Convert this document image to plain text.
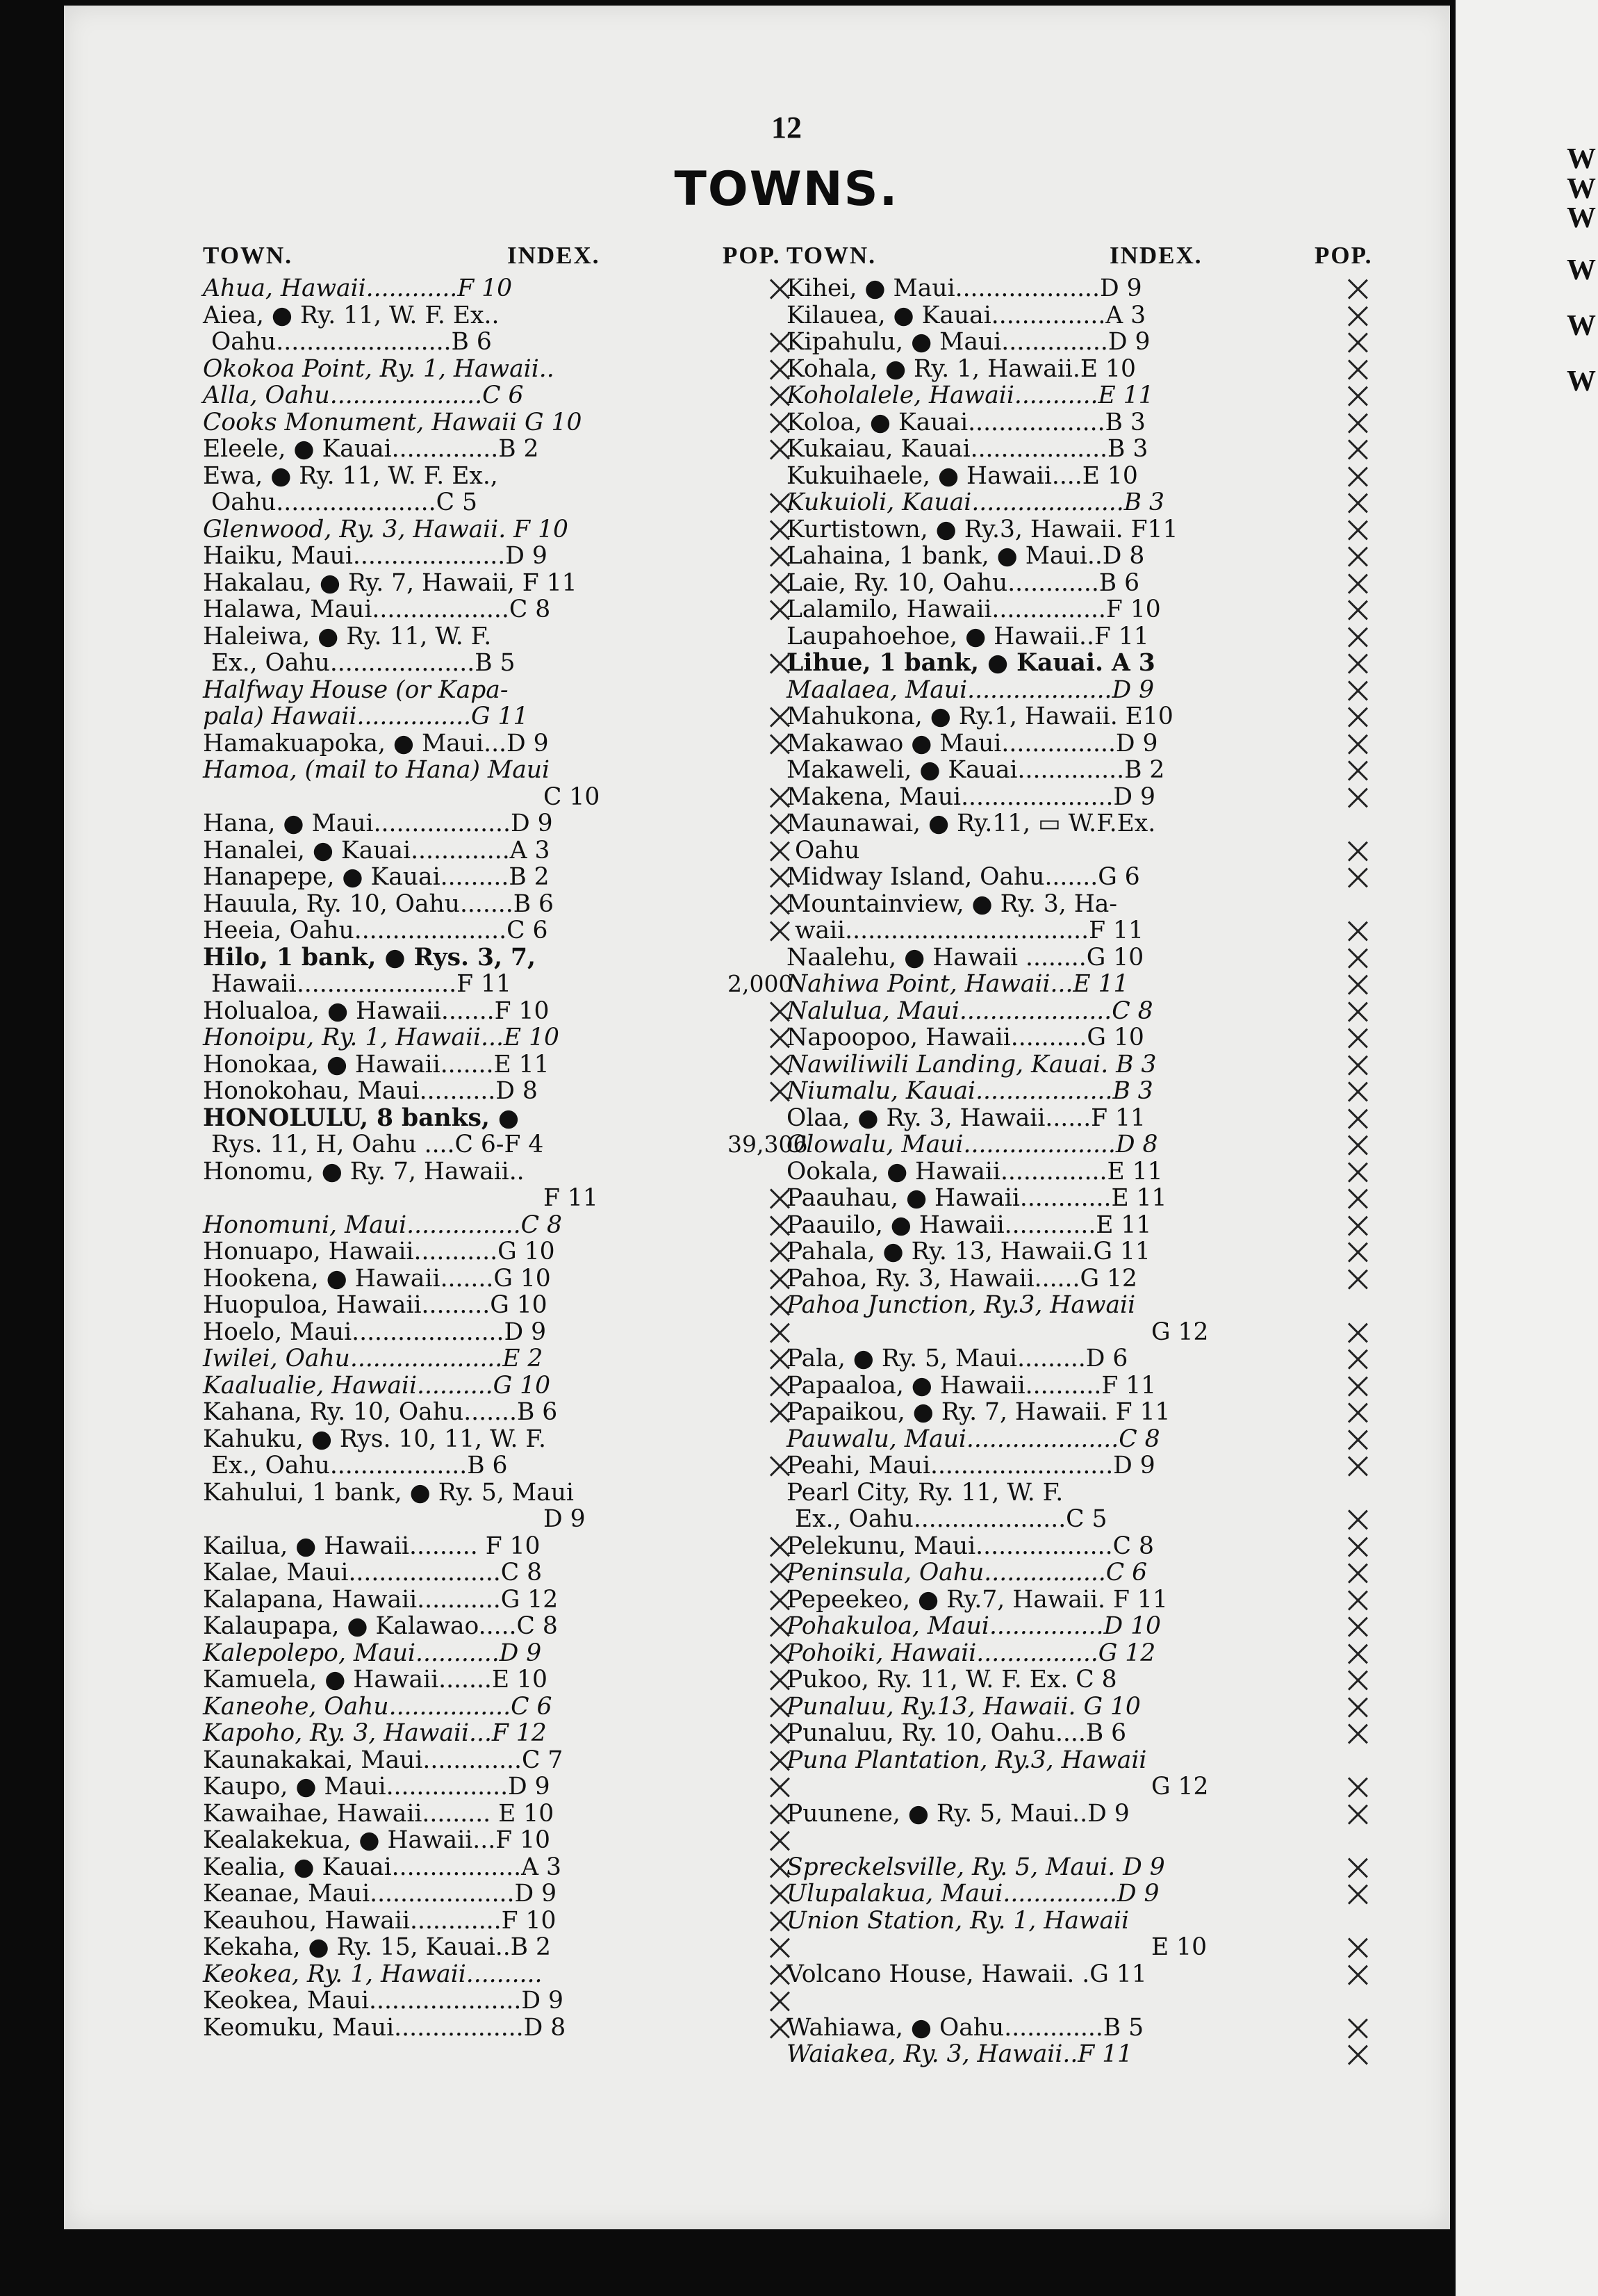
12
TOWNS.
TOWN.	INDEX.	POP.
Ahua, Hawaii............F 10
Aiea, ● Ry. 11, W. F. Ex..
Oahu.......................B 6
Okokoa Point, Ry. 1, Hawaii..
Alla, Oahu....................C 6
Cooks Monument, Hawaii G 10
Eleele, ● Kauai..............B 2
Ewa, ● Ry. 11, W. F. Ex.,
Oahu.....................C 5
Glenwood, Ry. 3, Hawaii. F 10
Haiku, Maui....................D 9
Hakalau, ● Ry. 7, Hawaii, F 11
Halawa, Maui..................C 8
Haleiwa, ● Ry. 11, W. F.
Ex., Oahu...................B 5
Halfway House (or Kapa-
pala) Hawaii...............G 11
Hamakuapoka, ● Maui...D 9
Hamoa, (mail to Hana) Maui
C 10
Hana, ● Maui..................D 9
Hanalei, ● Kauai.............A 3
Hanapepe, ● Kauai.........B 2
Hauula, Ry. 10, Oahu.......B 6
Heeia, Oahu....................C 6
Hilo, 1 bank, ● Rys. 3, 7,
Hawaii.....................F 11	2,000
Holualoa, ● Hawaii.......F 10
Honoipu, Ry. 1, Hawaii...E 10
Honokaa, ● Hawaii.......E 11
Honokohau, Maui..........D 8
HONOLULU, 8 banks, ●
Rys. 11, H, Oahu ....C 6-F 4	39,306
Honomu, ● Ry. 7, Hawaii..
F 11
Honomuni, Maui...............C 8
Honuapo, Hawaii...........G 10
Hookena, ● Hawaii.......G 10
Huopuloa, Hawaii.........G 10
Hoelo, Maui....................D 9
Iwilei, Oahu....................E 2
Kaalualie, Hawaii..........G 10
Kahana, Ry. 10, Oahu.......B 6
Kahuku, ● Rys. 10, 11, W. F.
Ex., Oahu..................B 6
Kahului, 1 bank, ● Ry. 5, Maui
D 9
Kailua, ● Hawaii......... F 10
Kalae, Maui....................C 8
Kalapana, Hawaii...........G 12
Kalaupapa, ● Kalawao.....C 8
Kalepolepo, Maui...........D 9
Kamuela, ● Hawaii.......E 10
Kaneohe, Oahu................C 6
Kapoho, Ry. 3, Hawaii...F 12
Kaunakakai, Maui.............C 7
Kaupo, ● Maui................D 9
Kawaihae, Hawaii......... E 10
Kealakekua, ● Hawaii...F 10
Kealia, ● Kauai.................A 3
Keanae, Maui...................D 9
Keauhou, Hawaii............F 10
Kekaha, ● Ry. 15, Kauai..B 2
Keokea, Ry. 1, Hawaii..........
Keokea, Maui....................D 9
Keomuku, Maui.................D 8
TOWN.	INDEX.	POP.
Kihei, ● Maui...................D 9
Kilauea, ● Kauai...............A 3
Kipahulu, ● Maui..............D 9
Kohala, ● Ry. 1, Hawaii.E 10
Koholalele, Hawaii...........E 11
Koloa, ● Kauai..................B 3
Kukaiau, Kauai..................B 3
Kukuihaele, ● Hawaii....E 10
Kukuioli, Kauai....................B 3
Kurtistown, ● Ry.3, Hawaii. F11
Lahaina, 1 bank, ● Maui..D 8
Laie, Ry. 10, Oahu............B 6
Lalamilo, Hawaii...............F 10
Laupahoehoe, ● Hawaii..F 11
Lihue, 1 bank, ● Kauai. A 3
Maalaea, Maui...................D 9
Mahukona, ● Ry.1, Hawaii. E10
Makawao ● Maui...............D 9
Makaweli, ● Kauai..............B 2
Makena, Maui....................D 9
Maunawai, ● Ry.11, ▭ W.F.Ex.
Oahu
Midway Island, Oahu.......G 6
Mountainview, ● Ry. 3, Ha-
waii................................F 11
Naalehu, ● Hawaii ........G 10
Nahiwa Point, Hawaii...E 11
Nalulua, Maui....................C 8
Napoopoo, Hawaii..........G 10
Nawiliwili Landing, Kauai. B 3
Niumalu, Kauai..................B 3
Olaa, ● Ry. 3, Hawaii......F 11
Olowalu, Maui....................D 8
Ookala, ● Hawaii..............E 11
Paauhau, ● Hawaii............E 11
Paauilo, ● Hawaii............E 11
Pahala, ● Ry. 13, Hawaii.G 11
Pahoa, Ry. 3, Hawaii......G 12
Pahoa Junction, Ry.3, Hawaii
G 12
Pala, ● Ry. 5, Maui.........D 6
Papaaloa, ● Hawaii..........F 11
Papaikou, ● Ry. 7, Hawaii. F 11
Pauwalu, Maui....................C 8
Peahi, Maui........................D 9
Pearl City, Ry. 11, W. F.
Ex., Oahu....................C 5
Pelekunu, Maui..................C 8
Peninsula, Oahu................C 6
Pepeekeo, ● Ry.7, Hawaii. F 11
Pohakuloa, Maui...............D 10
Pohoiki, Hawaii................G 12
Pukoo, Ry. 11, W. F. Ex. C 8
Punaluu, Ry.13, Hawaii. G 10
Punaluu, Ry. 10, Oahu....B 6
Puna Plantation, Ry.3, Hawaii
G 12
Puunene, ● Ry. 5, Maui..D 9
Spreckelsville, Ry. 5, Maui. D 9
Ulupalakua, Maui...............D 9
Union Station, Ry. 1, Hawaii
E 10
Volcano House, Hawaii. .G 11
Wahiawa, ● Oahu.............B 5
Waiakea, Ry. 3, Hawaii..F 11
W
W
W
W
W
W
